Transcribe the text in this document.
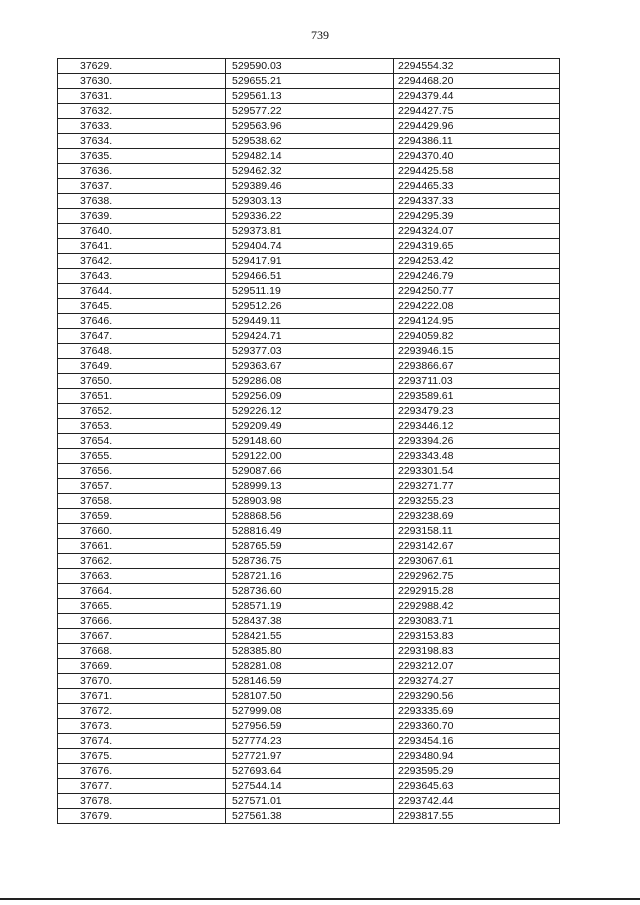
739
37629.	529590.03	2294554.32
37630.	529655.21	2294468.20
37631.	529561.13	2294379.44
37632.	529577.22	2294427.75
37633.	529563.96	2294429.96
37634.	529538.62	2294386.11
37635.	529482.14	2294370.40
37636.	529462.32	2294425.58
37637.	529389.46	2294465.33
37638.	529303.13	2294337.33
37639.	529336.22	2294295.39
37640.	529373.81	2294324.07
37641.	529404.74	2294319.65
37642.	529417.91	2294253.42
37643.	529466.51	2294246.79
37644.	529511.19	2294250.77
37645.	529512.26	2294222.08
37646.	529449.11	2294124.95
37647.	529424.71	2294059.82
37648.	529377.03	2293946.15
37649.	529363.67	2293866.67
37650.	529286.08	2293711.03
37651.	529256.09	2293589.61
37652.	529226.12	2293479.23
37653.	529209.49	2293446.12
37654.	529148.60	2293394.26
37655.	529122.00	2293343.48
37656.	529087.66	2293301.54
37657.	528999.13	2293271.77
37658.	528903.98	2293255.23
37659.	528868.56	2293238.69
37660.	528816.49	2293158.11
37661.	528765.59	2293142.67
37662.	528736.75	2293067.61
37663.	528721.16	2292962.75
37664.	528736.60	2292915.28
37665.	528571.19	2292988.42
37666.	528437.38	2293083.71
37667.	528421.55	2293153.83
37668.	528385.80	2293198.83
37669.	528281.08	2293212.07
37670.	528146.59	2293274.27
37671.	528107.50	2293290.56
37672.	527999.08	2293335.69
37673.	527956.59	2293360.70
37674.	527774.23	2293454.16
37675.	527721.97	2293480.94
37676.	527693.64	2293595.29
37677.	527544.14	2293645.63
37678.	527571.01	2293742.44
37679.	527561.38	2293817.55
